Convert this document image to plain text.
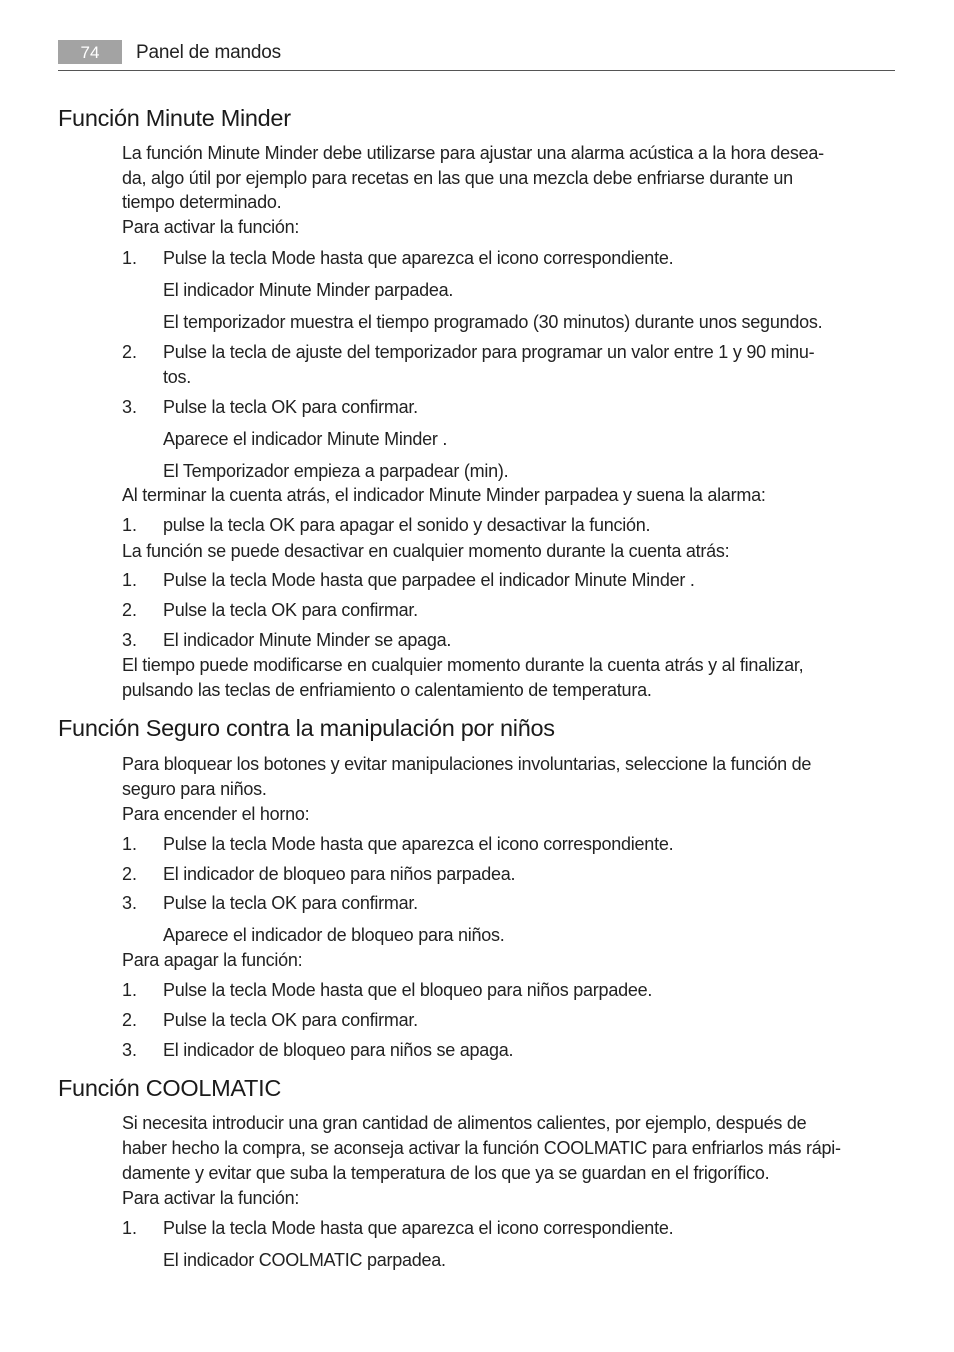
74	Panel de mandos
Función Minute Minder
La función Minute Minder debe utilizarse para ajustar una alarma acústica a la hora desea-
da, algo útil por ejemplo para recetas en las que una mezcla debe enfriarse durante un
tiempo determinado.
Para activar la función:
1. Pulse la tecla Mode hasta que aparezca el icono correspondiente.
El indicador Minute Minder parpadea.
El temporizador muestra el tiempo programado (30 minutos) durante unos segundos.
2. Pulse la tecla de ajuste del temporizador para programar un valor entre 1 y 90 minu-
tos.
3. Pulse la tecla OK para confirmar.
Aparece el indicador Minute Minder .
El Temporizador empieza a parpadear (min).
Al terminar la cuenta atrás, el indicador Minute Minder parpadea y suena la alarma:
1. pulse la tecla OK para apagar el sonido y desactivar la función.
La función se puede desactivar en cualquier momento durante la cuenta atrás:
1. Pulse la tecla Mode hasta que parpadee el indicador Minute Minder .
2. Pulse la tecla OK para confirmar.
3. El indicador Minute Minder se apaga.
El tiempo puede modificarse en cualquier momento durante la cuenta atrás y al finalizar,
pulsando las teclas de enfriamiento o calentamiento de temperatura.
Función Seguro contra la manipulación por niños
Para bloquear los botones y evitar manipulaciones involuntarias, seleccione la función de
seguro para niños.
Para encender el horno:
1. Pulse la tecla Mode hasta que aparezca el icono correspondiente.
2. El indicador de bloqueo para niños parpadea.
3. Pulse la tecla OK para confirmar.
Aparece el indicador de bloqueo para niños.
Para apagar la función:
1. Pulse la tecla Mode hasta que el bloqueo para niños parpadee.
2. Pulse la tecla OK para confirmar.
3. El indicador de bloqueo para niños se apaga.
Función COOLMATIC
Si necesita introducir una gran cantidad de alimentos calientes, por ejemplo, después de
haber hecho la compra, se aconseja activar la función COOLMATIC para enfriarlos más rápi-
damente y evitar que suba la temperatura de los que ya se guardan en el frigorífico.
Para activar la función:
1. Pulse la tecla Mode hasta que aparezca el icono correspondiente.
El indicador COOLMATIC parpadea.
